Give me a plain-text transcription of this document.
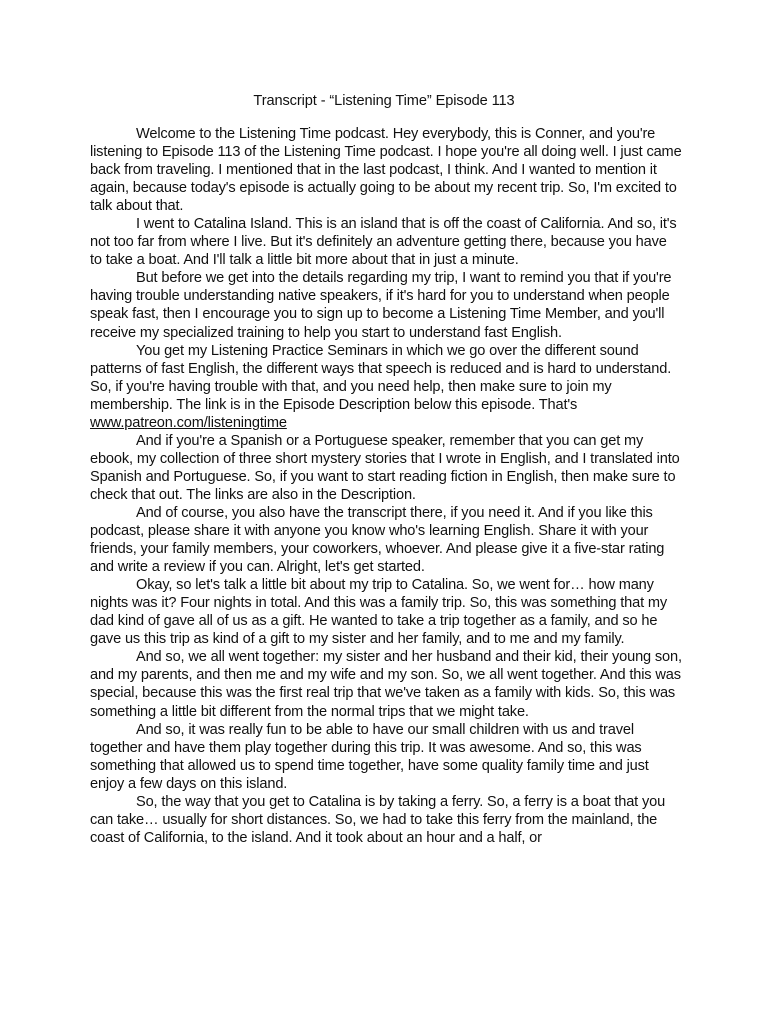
Transcript - “Listening Time” Episode 113

Welcome to the Listening Time podcast. Hey everybody, this is Conner, and you're listening to Episode 113 of the Listening Time podcast. I hope you're all doing well. I just came back from traveling. I mentioned that in the last podcast, I think. And I wanted to mention it again, because today's episode is actually going to be about my recent trip. So, I'm excited to talk about that.

I went to Catalina Island. This is an island that is off the coast of California. And so, it's not too far from where I live. But it's definitely an adventure getting there, because you have to take a boat. And I'll talk a little bit more about that in just a minute.

But before we get into the details regarding my trip, I want to remind you that if you're having trouble understanding native speakers, if it's hard for you to understand when people speak fast, then I encourage you to sign up to become a Listening Time Member, and you'll receive my specialized training to help you start to understand fast English.

You get my Listening Practice Seminars in which we go over the different sound patterns of fast English, the different ways that speech is reduced and is hard to understand. So, if you're having trouble with that, and you need help, then make sure to join my membership. The link is in the Episode Description below this episode. That's www.patreon.com/listeningtime

And if you're a Spanish or a Portuguese speaker, remember that you can get my ebook, my collection of three short mystery stories that I wrote in English, and I translated into Spanish and Portuguese. So, if you want to start reading fiction in English, then make sure to check that out. The links are also in the Description.

And of course, you also have the transcript there, if you need it. And if you like this podcast, please share it with anyone you know who's learning English. Share it with your friends, your family members, your coworkers, whoever. And please give it a five-star rating and write a review if you can. Alright, let's get started.

Okay, so let's talk a little bit about my trip to Catalina. So, we went for… how many nights was it? Four nights in total. And this was a family trip. So, this was something that my dad kind of gave all of us as a gift. He wanted to take a trip together as a family, and so he gave us this trip as kind of a gift to my sister and her family, and to me and my family.

And so, we all went together: my sister and her husband and their kid, their young son, and my parents, and then me and my wife and my son. So, we all went together. And this was special, because this was the first real trip that we've taken as a family with kids. So, this was something a little bit different from the normal trips that we might take.

And so, it was really fun to be able to have our small children with us and travel together and have them play together during this trip. It was awesome. And so, this was something that allowed us to spend time together, have some quality family time and just enjoy a few days on this island.

So, the way that you get to Catalina is by taking a ferry. So, a ferry is a boat that you can take… usually for short distances. So, we had to take this ferry from the mainland, the coast of California, to the island. And it took about an hour and a half, or
